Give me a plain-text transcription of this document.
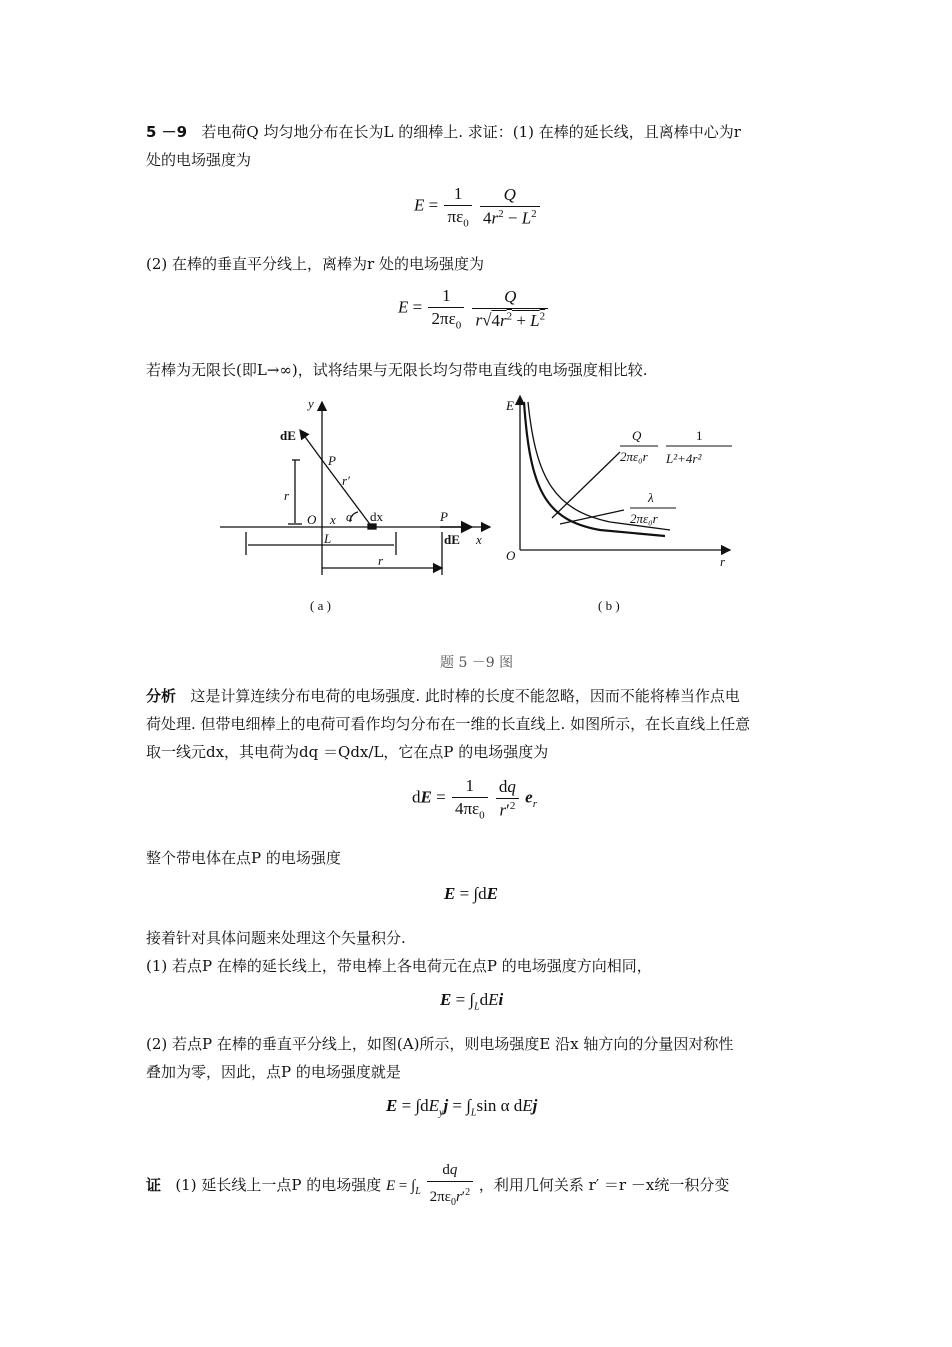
5 －9 若电荷Q 均匀地分布在长为L 的细棒上. 求证：(1) 在棒的延长线，且离棒中心为r
处的电场强度为
$E = \frac{1}{\pi\varepsilon_0}$
$\frac{Q}{4r^2 - L^2}$
(2) 在棒的垂直平分线上，离棒为r 处的电场强度为
$E = \frac{1}{2\pi\varepsilon_0}$
$\frac{Q}{r√4r^2 + L^2}$
若棒为无限长(即L→∞)，试将结果与无限长均匀带电直线的电场强度相比较.
y
dE
P
r′
r
O x α dx	P
dE x
L
r
E
O	r
Q
2πε₀r
1
L²+4r²
λ
2πε₀r
( a )	( b )
题 5 －9 图
分析 这是计算连续分布电荷的电场强度. 此时棒的长度不能忽略，因而不能将棒当作点电
荷处理. 但带电细棒上的电荷可看作均匀分布在一维的长直线上. 如图所示，在长直线上任意
取一线元dx，其电荷为dq ＝Qdx/L，它在点P 的电场强度为
dE = $\frac{1}{4\pi\varepsilon_0}$
$\frac{dq}{r'^2} e_r$
整个带电体在点P 的电场强度
E = ∫dE
接着针对具体问题来处理这个矢量积分.
(1) 若点P 在棒的延长线上，带电棒上各电荷元在点P 的电场强度方向相同，
$E = \int_LdEi$
(2) 若点P 在棒的垂直平分线上，如图(A)所示，则电场强度E 沿x 轴方向的分量因对称性
叠加为零，因此，点P 的电场强度就是
$E = \int dE_yj = \int_L\sin$ α dEj
证 (1) 延长线上一点P 的电场强度 $E = \int_L \frac{dq}{2\pi\varepsilon_0r'^2}$ ，利用几何关系 r′ ＝r －x统一积分变
